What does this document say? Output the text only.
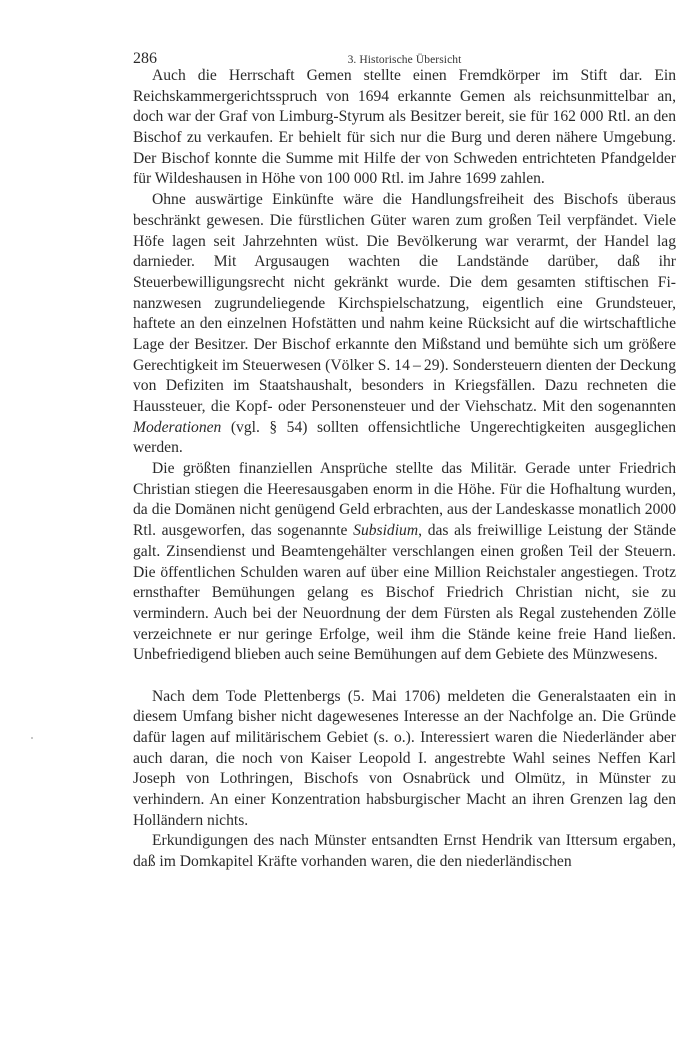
286	3. Historische Übersicht

Auch die Herrschaft Gemen stellte einen Fremdkörper im Stift dar. Ein Reichskammergerichtsspruch von 1694 erkannte Gemen als reichsunmittelbar an, doch war der Graf von Limburg-Styrum als Besitzer bereit, sie für 162 000 Rtl. an den Bischof zu verkaufen. Er behielt für sich nur die Burg und deren nähere Umgebung. Der Bischof konnte die Summe mit Hilfe der von Schweden entrichteten Pfandgelder für Wildeshausen in Höhe von 100 000 Rtl. im Jahre 1699 zahlen.

Ohne auswärtige Einkünfte wäre die Handlungsfreiheit des Bischofs überaus beschränkt gewesen. Die fürstlichen Güter waren zum großen Teil verpfändet. Viele Höfe lagen seit Jahrzehnten wüst. Die Bevölkerung war verarmt, der Handel lag darnieder. Mit Argusaugen wachten die Landstände darüber, daß ihr Steuerbewilligungsrecht nicht gekränkt wurde. Die dem gesamten stiftischen Finanzwesen zugrundeliegende Kirchspielschatzung, eigentlich eine Grundsteuer, haftete an den einzelnen Hofstätten und nahm keine Rücksicht auf die wirtschaftliche Lage der Besitzer. Der Bischof erkannte den Mißstand und bemühte sich um größere Gerechtigkeit im Steuerwesen (Völker S. 14 – 29). Sondersteuern dienten der Deckung von Defiziten im Staatshaushalt, besonders in Kriegsfällen. Dazu rechneten die Haussteuer, die Kopf- oder Personensteuer und der Viehschatz. Mit den sogenannten Moderationen (vgl. § 54) sollten offensichtliche Ungerechtigkeiten ausgeglichen werden.

Die größten finanziellen Ansprüche stellte das Militär. Gerade unter Friedrich Christian stiegen die Heeresausgaben enorm in die Höhe. Für die Hofhaltung wurden, da die Domänen nicht genügend Geld erbrachten, aus der Landeskasse monatlich 2000 Rtl. ausgeworfen, das sogenannte Subsidium, das als freiwillige Leistung der Stände galt. Zinsendienst und Beamtengehälter verschlangen einen großen Teil der Steuern. Die öffentlichen Schulden waren auf über eine Million Reichstaler angestiegen. Trotz ernsthafter Bemühungen gelang es Bischof Friedrich Christian nicht, sie zu vermindern. Auch bei der Neuordnung der dem Fürsten als Regal zustehenden Zölle verzeichnete er nur geringe Erfolge, weil ihm die Stände keine freie Hand ließen. Unbefriedigend blieben auch seine Bemühungen auf dem Gebiete des Münzwesens.

Nach dem Tode Plettenbergs (5. Mai 1706) meldeten die Generalstaaten ein in diesem Umfang bisher nicht dagewesenes Interesse an der Nachfolge an. Die Gründe dafür lagen auf militärischem Gebiet (s. o.). Interessiert waren die Niederländer aber auch daran, die noch von Kaiser Leopold I. angestrebte Wahl seines Neffen Karl Joseph von Lothringen, Bischofs von Osnabrück und Olmütz, in Münster zu verhindern. An einer Konzentration habsburgischer Macht an ihren Grenzen lag den Holländern nichts.

Erkundigungen des nach Münster entsandten Ernst Hendrik van Ittersum ergaben, daß im Domkapitel Kräfte vorhanden waren, die den niederländischen
